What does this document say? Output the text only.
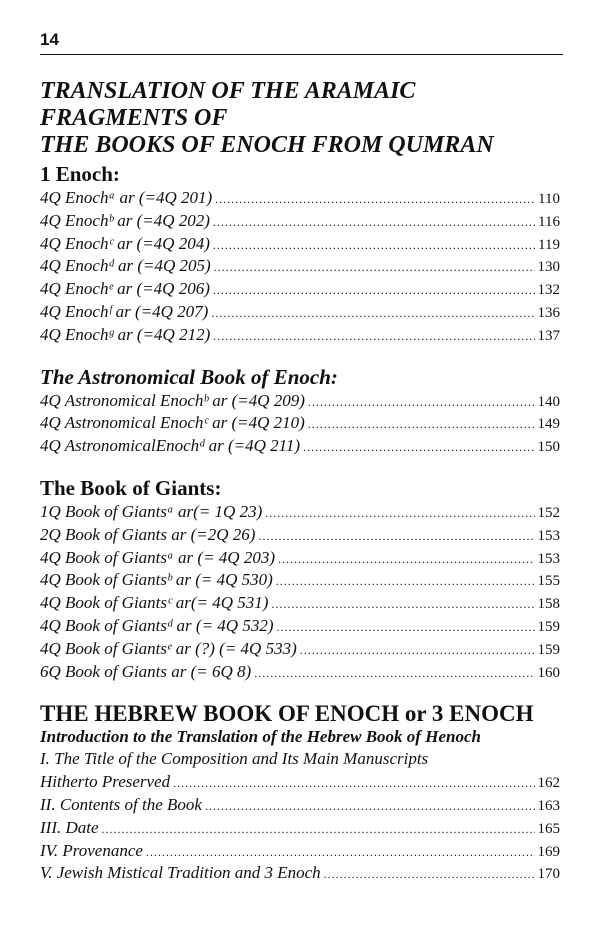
14
TRANSLATION OF THE ARAMAIC FRAGMENTS OF
THE BOOKS OF ENOCH FROM QUMRAN
1 Enoch:
4Q Enochᵃ ar (=4Q 201) .....	110
4Q Enochᵇ ar (=4Q 202) .....	116
4Q Enochᶜ ar (=4Q 204) .....	119
4Q Enochᵈ ar (=4Q 205) .....	130
4Q Enochᵉ ar (=4Q 206) .....	132
4Q Enochᶠ ar (=4Q 207) .....	136
4Q Enochᵍ ar (=4Q 212) .....	137
The Astronomical Book of Enoch:
4Q Astronomical Enochᵇ ar (=4Q 209) .....	140
4Q Astronomical Enochᶜ ar (=4Q 210) .....	149
4Q AstronomicalEnochᵈ ar (=4Q 211) .....	150
The Book of Giants:
1Q Book of Giantsᵃ ar(= 1Q 23) .....	152
2Q Book of Giants ar (=2Q 26) .....	153
4Q Book of Giantsᵃ ar (= 4Q 203) .....	153
4Q Book of Giantsᵇ ar (= 4Q 530) .....	155
4Q Book of Giantsᶜ ar(= 4Q 531) .....	158
4Q Book of Giantsᵈ ar (= 4Q 532) .....	159
4Q Book of Giantsᵉ ar (?) (= 4Q 533) .....	159
6Q Book of Giants ar (= 6Q 8) .....	160
THE HEBREW BOOK OF ENOCH or 3 ENOCH
Introduction to the Translation of the Hebrew Book of Henoch
I. The Title of the Composition and Its Main Manuscripts
Hitherto Preserved .....	162
II. Contents of the Book .....	163
III. Date .....	165
IV. Provenance .....	169
V. Jewish Mistical Tradition and 3 Enoch .....	170
